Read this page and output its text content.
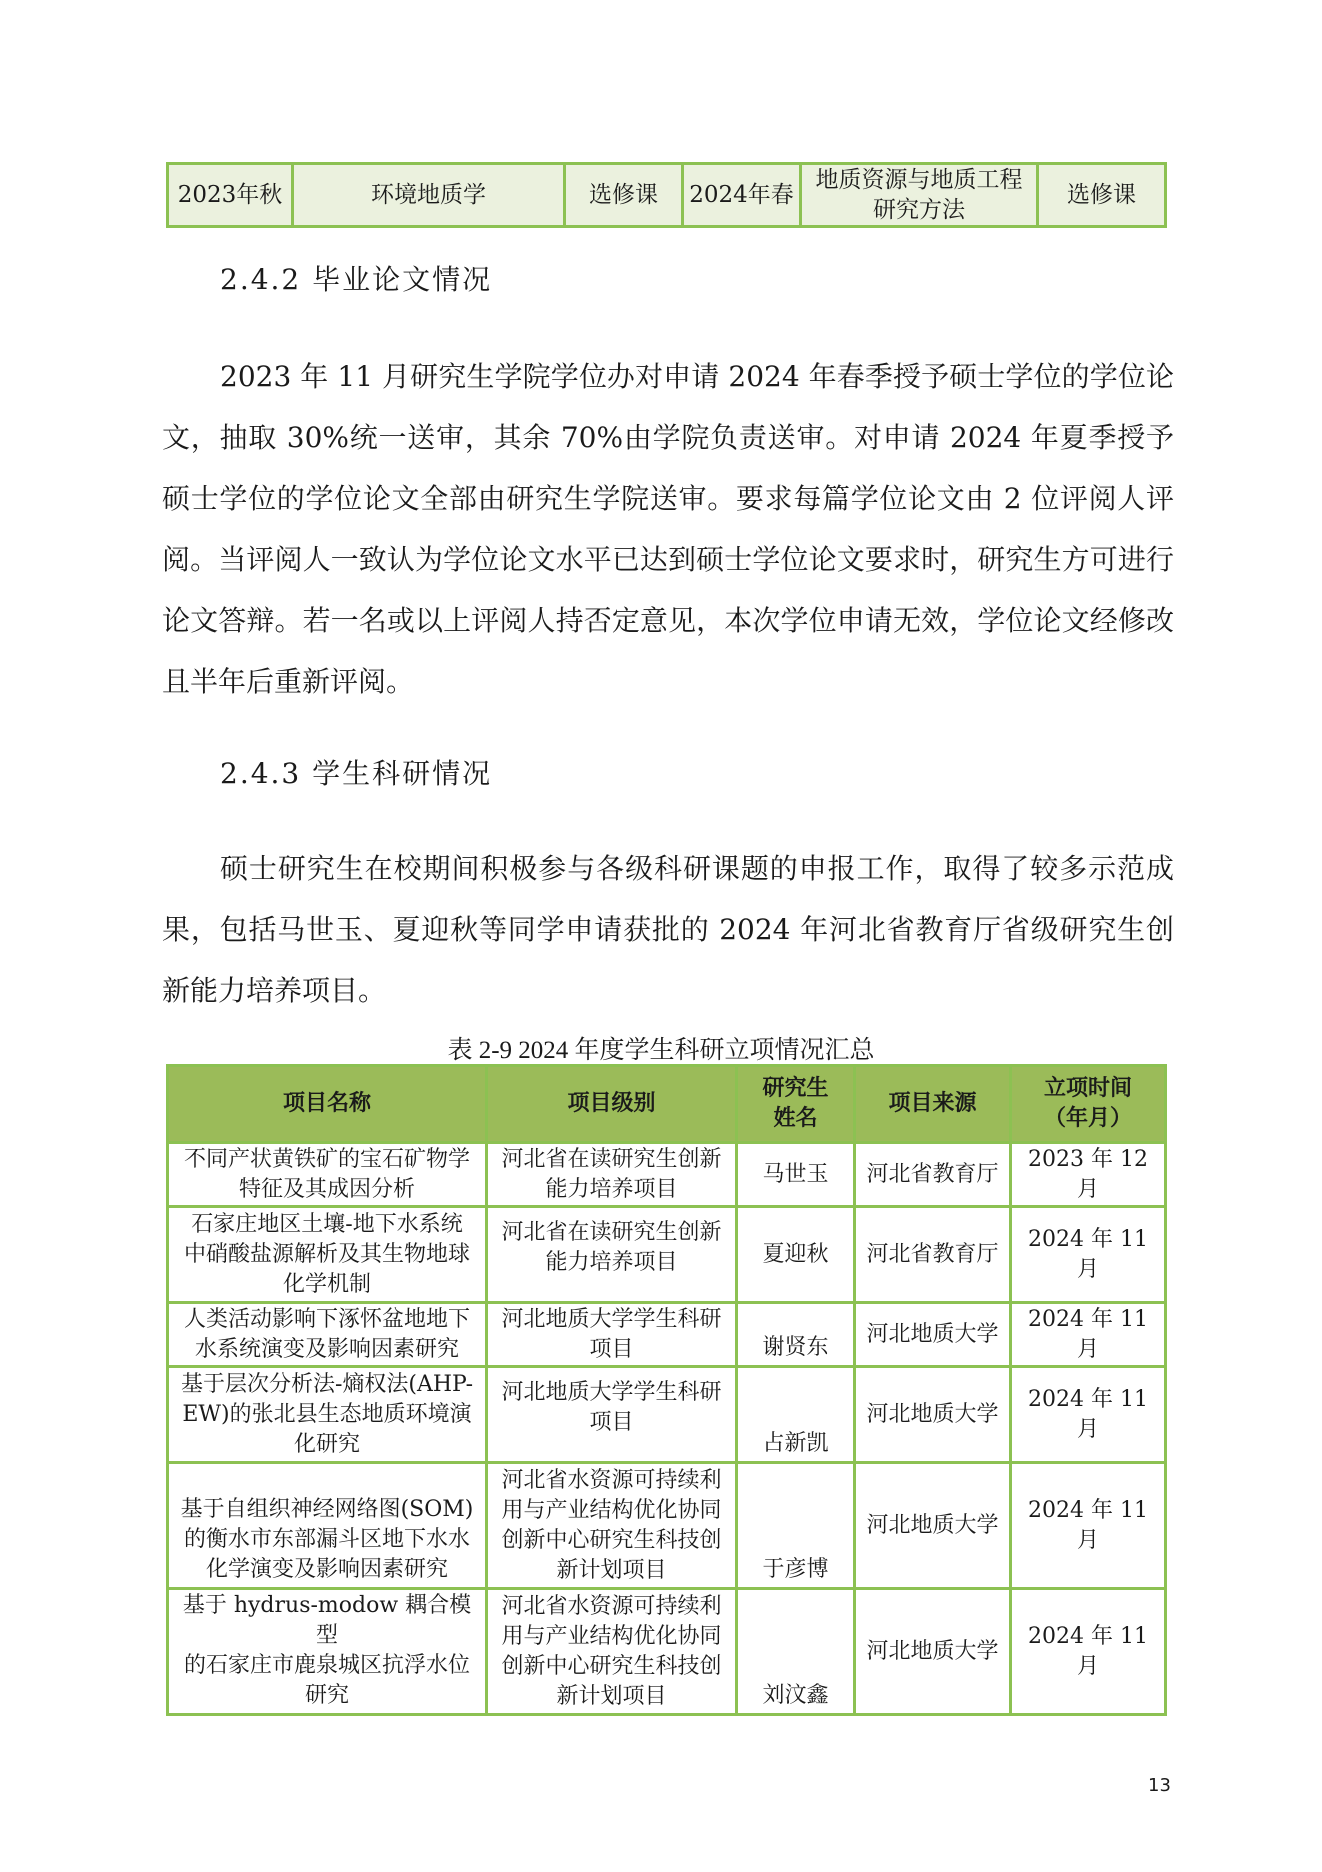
2023年秋	环境地质学	选修课	2024年春	地质资源与地质工程
研究方法	选修课
2.4.2 毕业论文情况

2023 年 11 月研究生学院学位办对申请 2024 年春季授予硕士学位的学位论文，抽取 30%统一送审，其余 70%由学院负责送审。对申请 2024 年夏季授予硕士学位的学位论文全部由研究生学院送审。要求每篇学位论文由 2 位评阅人评阅。当评阅人一致认为学位论文水平已达到硕士学位论文要求时，研究生方可进行论文答辩。若一名或以上评阅人持否定意见，本次学位申请无效，学位论文经修改且半年后重新评阅。

2.4.3 学生科研情况

硕士研究生在校期间积极参与各级科研课题的申报工作，取得了较多示范成果，包括马世玉、夏迎秋等同学申请获批的 2024 年河北省教育厅省级研究生创新能力培养项目。

表 2-9 2024 年度学生科研立项情况汇总
项目名称	项目级别	研究生
姓名	项目来源	立项时间
（年月）
不同产状黄铁矿的宝石矿物学
特征及其成因分析	河北省在读研究生创新
能力培养项目	马世玉	河北省教育厅	2023 年 12 月
石家庄地区土壤-地下水系统
中硝酸盐源解析及其生物地球
化学机制	河北省在读研究生创新
能力培养项目	夏迎秋	河北省教育厅	2024 年 11 月
人类活动影响下涿怀盆地地下
水系统演变及影响因素研究	河北地质大学学生科研
项目	谢贤东	河北地质大学	2024 年 11 月
基于层次分析法-熵权法(AHP-
EW)的张北县生态地质环境演
化研究	河北地质大学学生科研
项目	占新凯	河北地质大学	2024 年 11 月
基于自组织神经网络图(SOM)
的衡水市东部漏斗区地下水水
化学演变及影响因素研究	河北省水资源可持续利
用与产业结构优化协同
创新中心研究生科技创
新计划项目	于彦博	河北地质大学	2024 年 11 月
基于 hydrus-modow 耦合模型
的石家庄市鹿泉城区抗浮水位
研究	河北省水资源可持续利
用与产业结构优化协同
创新中心研究生科技创
新计划项目	刘汶鑫	河北地质大学	2024 年 11 月
13
